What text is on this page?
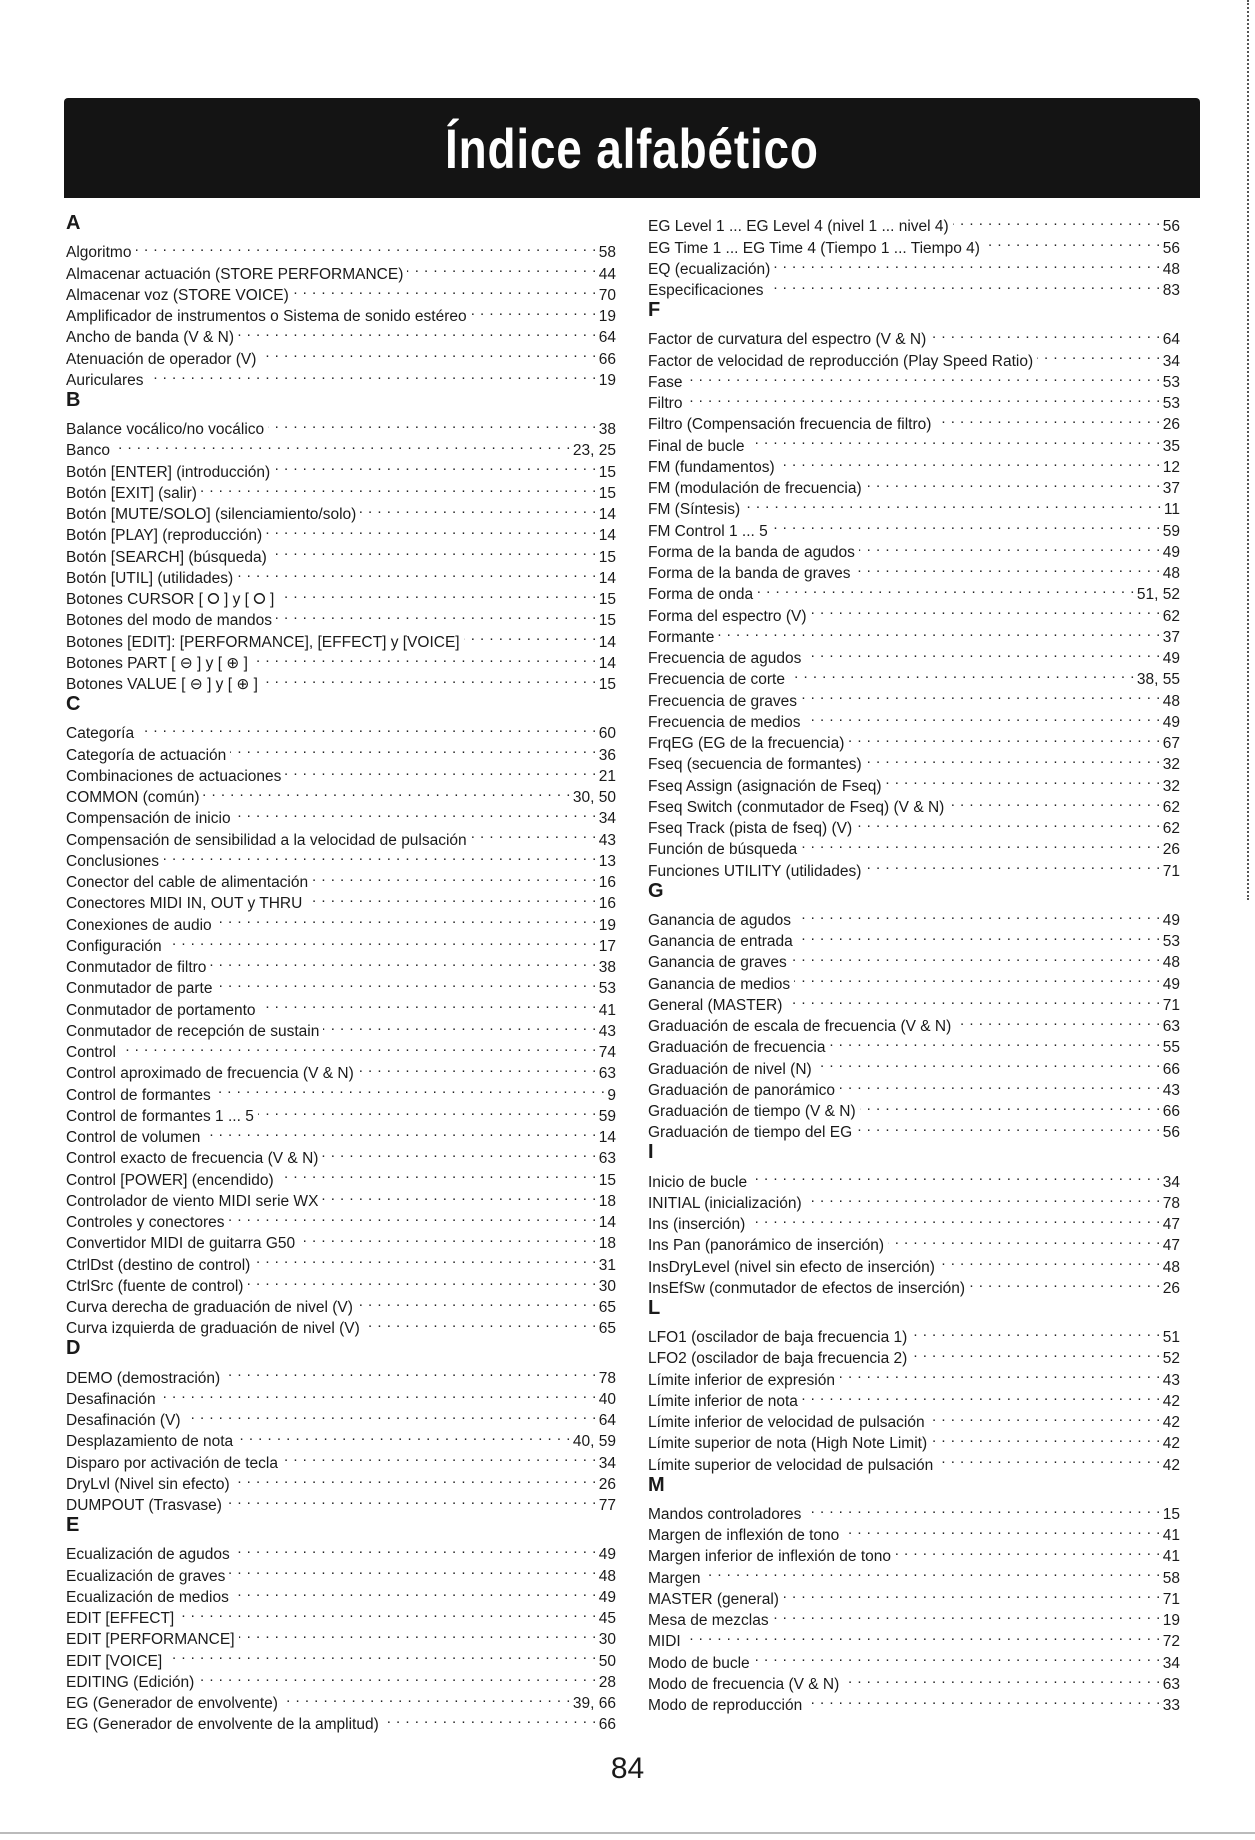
Índice alfabético
A
Algoritmo . . .	58
Almacenar actuación (STORE PERFORMANCE) . . .	44
Almacenar voz (STORE VOICE) . . .	70
Amplificador de instrumentos o Sistema de sonido estéreo . . .	19
Ancho de banda (V & N) . . .	64
Atenuación de operador (V) . . .	66
Auriculares . . .	19
B
Balance vocálico/no vocálico . . .	38
Banco . . .	23, 25
Botón [ENTER] (introducción) . . .	15
Botón [EXIT] (salir) . . .	15
Botón [MUTE/SOLO] (silenciamiento/solo) . . .	14
Botón [PLAY] (reproducción) . . .	14
Botón [SEARCH] (búsqueda) . . .	15
Botón [UTIL] (utilidades) . . .	14
Botones CURSOR [ ⭘ ] y [ ⭘ ] . . .	15
Botones del modo de mandos . . .	15
Botones [EDIT]: [PERFORMANCE], [EFFECT] y [VOICE] . . .	14
Botones PART [ ⊖ ] y [ ⊕ ] . . .	14
Botones VALUE [ ⊖ ] y [ ⊕ ] . . .	15
C
Categoría . . .	60
Categoría de actuación . . .	36
Combinaciones de actuaciones . . .	21
COMMON (común) . . .	30, 50
Compensación de inicio . . .	34
Compensación de sensibilidad a la velocidad de pulsación . . .	43
Conclusiones . . .	13
Conector del cable de alimentación . . .	16
Conectores MIDI IN, OUT y THRU . . .	16
Conexiones de audio . . .	19
Configuración . . .	17
Conmutador de filtro . . .	38
Conmutador de parte . . .	53
Conmutador de portamento . . .	41
Conmutador de recepción de sustain . . .	43
Control . . .	74
Control aproximado de frecuencia (V & N) . . .	63
Control de formantes . . .	9
Control de formantes 1 ... 5 . . .	59
Control de volumen . . .	14
Control exacto de frecuencia (V & N) . . .	63
Control [POWER] (encendido) . . .	15
Controlador de viento MIDI serie WX . . .	18
Controles y conectores . . .	14
Convertidor MIDI de guitarra G50 . . .	18
CtrlDst (destino de control) . . .	31
CtrlSrc (fuente de control) . . .	30
Curva derecha de graduación de nivel (V) . . .	65
Curva izquierda de graduación de nivel (V) . . .	65
D
DEMO (demostración) . . .	78
Desafinación . . .	40
Desafinación (V) . . .	64
Desplazamiento de nota . . .	40, 59
Disparo por activación de tecla . . .	34
DryLvl (Nivel sin efecto) . . .	26
DUMPOUT (Trasvase) . . .	77
E
Ecualización de agudos . . .	49
Ecualización de graves . . .	48
Ecualización de medios . . .	49
EDIT [EFFECT] . . .	45
EDIT [PERFORMANCE] . . .	30
EDIT [VOICE] . . .	50
EDITING (Edición) . . .	28
EG (Generador de envolvente) . . .	39, 66
EG (Generador de envolvente de la amplitud) . . .	66
EG Level 1 ... EG Level 4 (nivel 1 ... nivel 4) . . .	56
EG Time 1 ... EG Time 4 (Tiempo 1 ... Tiempo 4) . . .	56
EQ (ecualización) . . .	48
Especificaciones . . .	83
F
Factor de curvatura del espectro (V & N) . . .	64
Factor de velocidad de reproducción (Play Speed Ratio) . . .	34
Fase . . .	53
Filtro . . .	53
Filtro (Compensación frecuencia de filtro) . . .	26
Final de bucle . . .	35
FM (fundamentos) . . .	12
FM (modulación de frecuencia) . . .	37
FM (Síntesis) . . .	11
FM Control 1 ... 5 . . .	59
Forma de la banda de agudos . . .	49
Forma de la banda de graves . . .	48
Forma de onda . . .	51, 52
Forma del espectro (V) . . .	62
Formante . . .	37
Frecuencia de agudos . . .	49
Frecuencia de corte . . .	38, 55
Frecuencia de graves . . .	48
Frecuencia de medios . . .	49
FrqEG (EG de la frecuencia) . . .	67
Fseq (secuencia de formantes) . . .	32
Fseq Assign (asignación de Fseq) . . .	32
Fseq Switch (conmutador de Fseq) (V & N) . . .	62
Fseq Track (pista de fseq) (V) . . .	62
Función de búsqueda . . .	26
Funciones UTILITY (utilidades) . . .	71
G
Ganancia de agudos . . .	49
Ganancia de entrada . . .	53
Ganancia de graves . . .	48
Ganancia de medios . . .	49
General (MASTER) . . .	71
Graduación de escala de frecuencia (V & N) . . .	63
Graduación de frecuencia . . .	55
Graduación de nivel (N) . . .	66
Graduación de panorámico . . .	43
Graduación de tiempo (V & N) . . .	66
Graduación de tiempo del EG . . .	56
I
Inicio de bucle . . .	34
INITIAL (inicialización) . . .	78
Ins (inserción) . . .	47
Ins Pan (panorámico de inserción) . . .	47
InsDryLevel (nivel sin efecto de inserción) . . .	48
InsEfSw (conmutador de efectos de inserción) . . .	26
L
LFO1 (oscilador de baja frecuencia 1) . . .	51
LFO2 (oscilador de baja frecuencia 2) . . .	52
Límite inferior de expresión . . .	43
Límite inferior de nota . . .	42
Límite inferior de velocidad de pulsación . . .	42
Límite superior de nota (High Note Limit) . . .	42
Límite superior de velocidad de pulsación . . .	42
M
Mandos controladores . . .	15
Margen de inflexión de tono . . .	41
Margen inferior de inflexión de tono . . .	41
Margen . . .	58
MASTER (general) . . .	71
Mesa de mezclas . . .	19
MIDI . . .	72
Modo de bucle . . .	34
Modo de frecuencia (V & N) . . .	63
Modo de reproducción . . .	33
84
